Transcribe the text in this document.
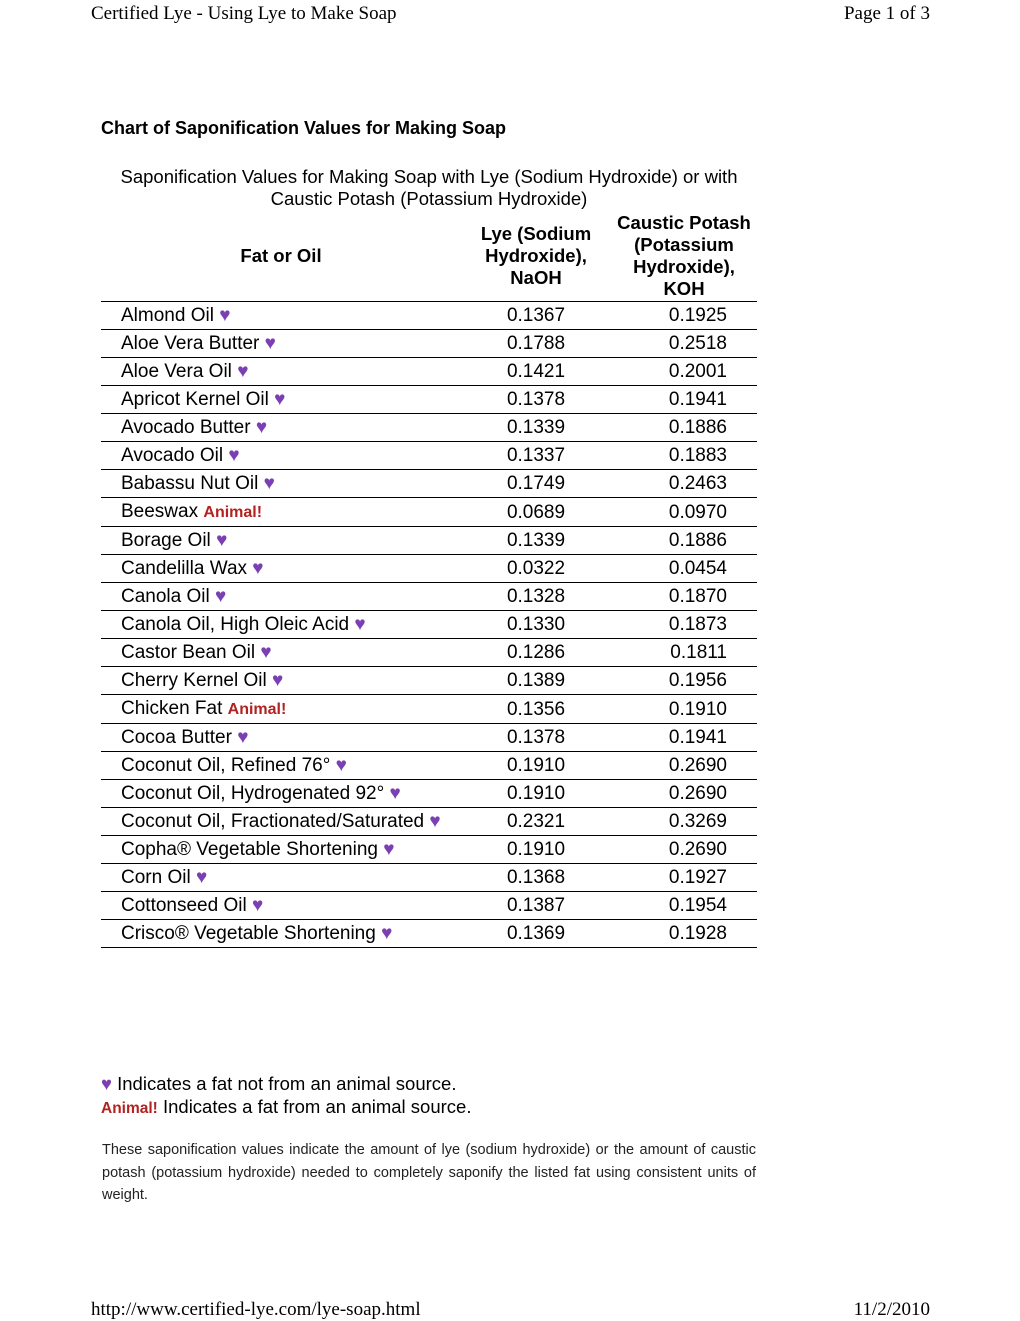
Certified Lye - Using Lye to Make Soap	Page 1 of 3
Chart of Saponification Values for Making Soap
Saponification Values for Making Soap with Lye (Sodium Hydroxide) or with Caustic Potash (Potassium Hydroxide)
Fat or Oil	Lye (Sodium Hydroxide), NaOH	Caustic Potash (Potassium Hydroxide), KOH
Almond Oil ♥	0.1367	0.1925
Aloe Vera Butter ♥	0.1788	0.2518
Aloe Vera Oil ♥	0.1421	0.2001
Apricot Kernel Oil ♥	0.1378	0.1941
Avocado Butter ♥	0.1339	0.1886
Avocado Oil ♥	0.1337	0.1883
Babassu Nut Oil ♥	0.1749	0.2463
Beeswax Animal!	0.0689	0.0970
Borage Oil ♥	0.1339	0.1886
Candelilla Wax ♥	0.0322	0.0454
Canola Oil ♥	0.1328	0.1870
Canola Oil, High Oleic Acid ♥	0.1330	0.1873
Castor Bean Oil ♥	0.1286	0.1811
Cherry Kernel Oil ♥	0.1389	0.1956
Chicken Fat Animal!	0.1356	0.1910
Cocoa Butter ♥	0.1378	0.1941
Coconut Oil, Refined 76° ♥	0.1910	0.2690
Coconut Oil, Hydrogenated 92° ♥	0.1910	0.2690
Coconut Oil, Fractionated/Saturated ♥	0.2321	0.3269
Copha® Vegetable Shortening ♥	0.1910	0.2690
Corn Oil ♥	0.1368	0.1927
Cottonseed Oil ♥	0.1387	0.1954
Crisco® Vegetable Shortening ♥	0.1369	0.1928
♥ Indicates a fat not from an animal source.
Animal! Indicates a fat from an animal source.
These saponification values indicate the amount of lye (sodium hydroxide) or the amount of caustic potash (potassium hydroxide) needed to completely saponify the listed fat using consistent units of weight.
http://www.certified-lye.com/lye-soap.html	11/2/2010
